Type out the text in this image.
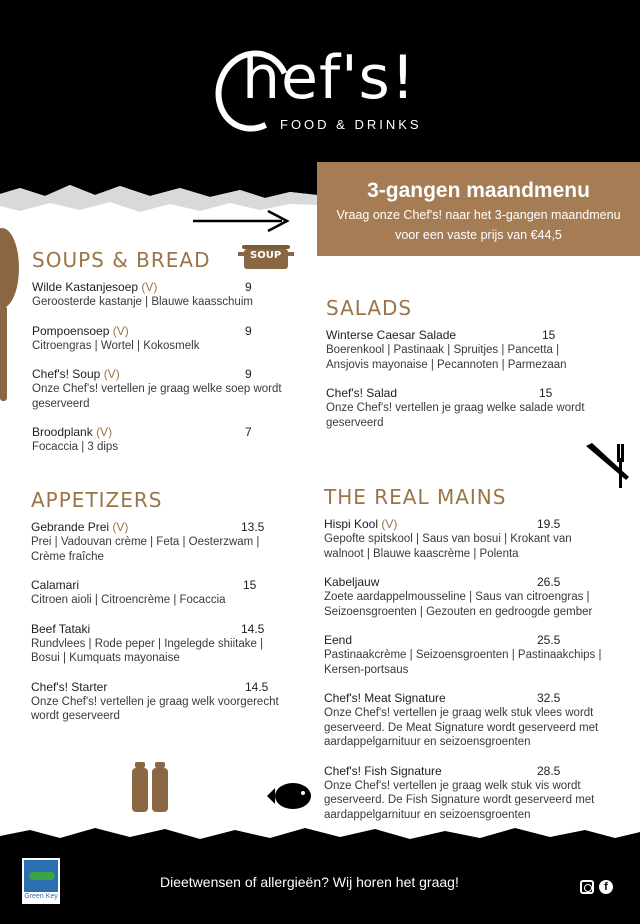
hef's!
FOOD & DRINKS
3-gangen maandmenu
Vraag onze Chef's! naar het 3-gangen maandmenu
voor een vaste prijs van €44,5
SOUP
SOUPS & BREAD
Wilde Kastanjesoep (V)	9
Geroosterde kastanje | Blauwe kaasschuim
Pompoensoep (V)	9
Citroengras | Wortel | Kokosmelk
Chef's! Soup (V)	9
Onze Chef's! vertellen je graag welke soep wordt geserveerd
Broodplank (V)	7
Focaccia | 3 dips
SALADS
Winterse Caesar Salade	15
Boerenkool | Pastinaak | Spruitjes | Pancetta | Ansjovis mayonaise | Pecannoten | Parmezaan
Chef's! Salad	15
Onze Chef's! vertellen je graag welke salade wordt geserveerd
APPETIZERS
Gebrande Prei (V)	13.5
Prei | Vadouvan crème | Feta | Oesterzwam | Crème fraîche
Calamari	15
Citroen aioli | Citroencrème | Focaccia
Beef Tataki	14.5
Rundvlees | Rode peper | Ingelegde shiitake | Bosui | Kumquats mayonaise
Chef's! Starter	14.5
Onze Chef's! vertellen je graag welk voorgerecht wordt geserveerd
THE REAL MAINS
Hispi Kool (V)	19.5
Gepofte spitskool | Saus van bosui | Krokant van walnoot | Blauwe kaascrème | Polenta
Kabeljauw	26.5
Zoete aardappelmousseline | Saus van citroengras | Seizoensgroenten | Gezouten en gedroogde gember
Eend	25.5
Pastinaakcrème | Seizoensgroenten | Pastinaakchips | Kersen-portsaus
Chef's! Meat Signature	32.5
Onze Chef's! vertellen je graag welk stuk vlees wordt geserveerd. De Meat Signature wordt geserveerd met aardappelgarnituur en seizoensgroenten
Chef's! Fish Signature	28.5
Onze Chef's! vertellen je graag welk stuk vis wordt geserveerd. De Fish Signature wordt geserveerd met aardappelgarnituur en seizoensgroenten
Green Key
Dieetwensen of allergieën? Wij horen het graag!	f
